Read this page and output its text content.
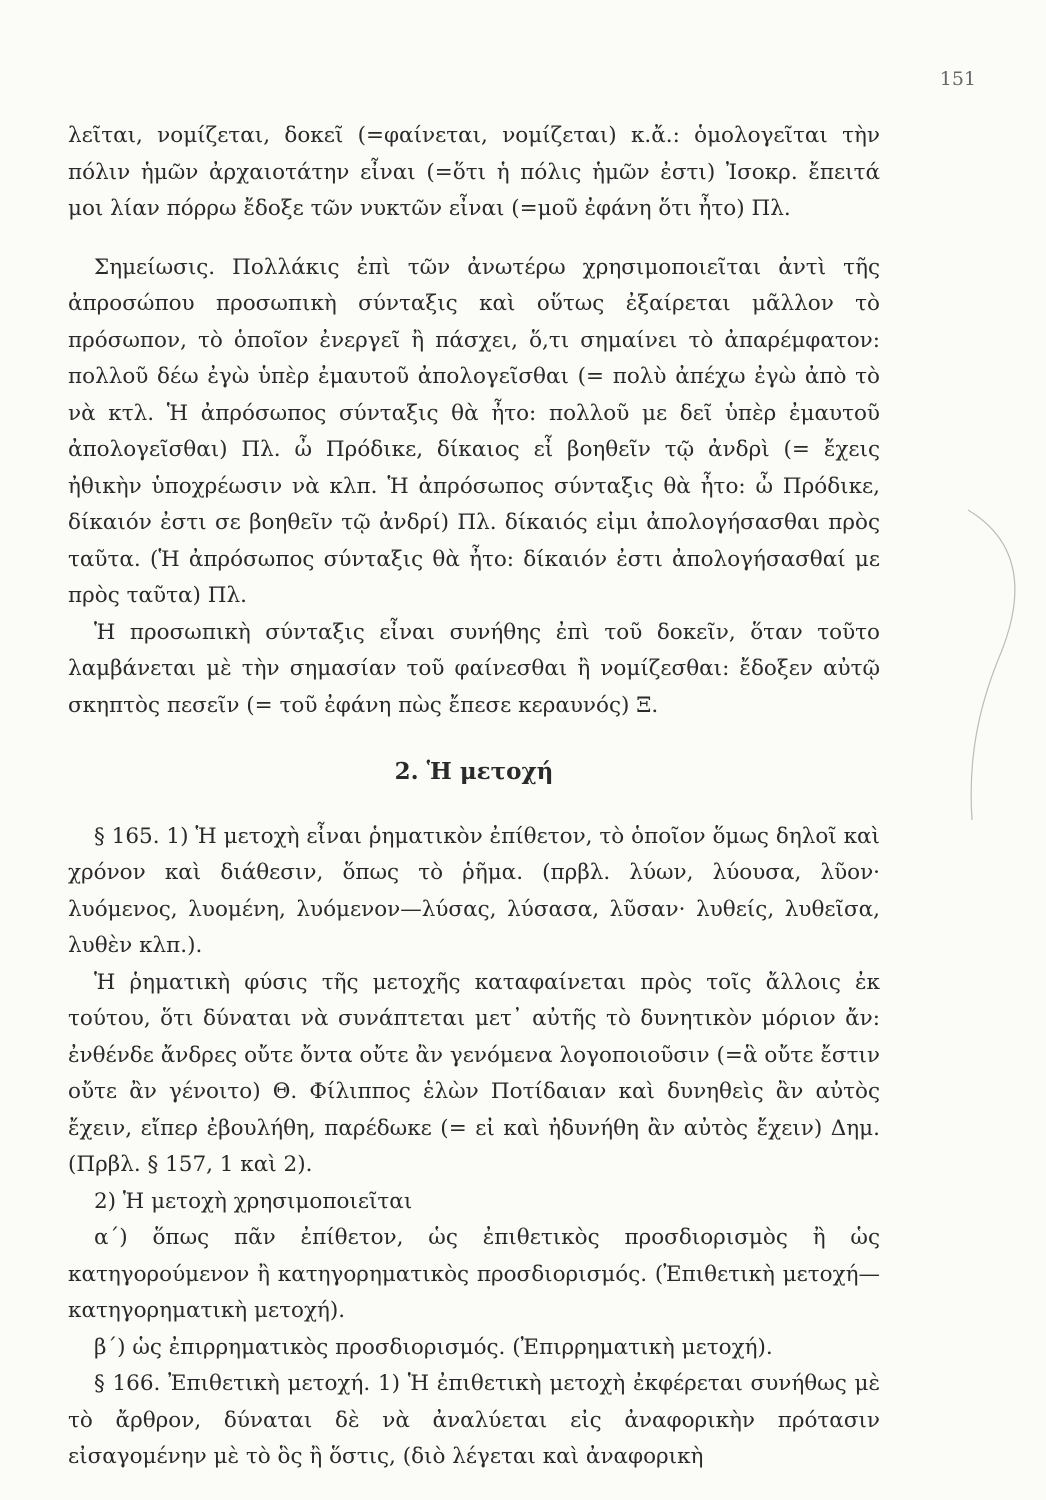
151

λεῖται, νομίζεται, δοκεῖ (=φαίνεται, νομίζεται) κ.ἄ.: ὁμολογεῖται τὴν πόλιν ἡμῶν ἀρχαιοτάτην εἶναι (=ὅτι ἡ πόλις ἡμῶν ἐστι) Ἰσοκρ. ἔπειτά μοι λίαν πόρρω ἔδοξε τῶν νυκτῶν εἶναι (=μοῦ ἐφάνη ὅτι ἦτο) Πλ.

Σημείωσις. Πολλάκις ἐπὶ τῶν ἀνωτέρω χρησιμοποιεῖται ἀντὶ τῆς ἀπροσώπου προσωπικὴ σύνταξις καὶ οὕτως ἐξαίρεται μᾶλλον τὸ πρόσωπον, τὸ ὁποῖον ἐνεργεῖ ἢ πάσχει, ὅ,τι σημαίνει τὸ ἀπαρέμφατον: πολλοῦ δέω ἐγὼ ὑπὲρ ἐμαυτοῦ ἀπολογεῖσθαι (= πολὺ ἀπέχω ἐγὼ ἀπὸ τὸ νὰ κτλ. Ἡ ἀπρόσωπος σύνταξις θὰ ἦτο: πολλοῦ με δεῖ ὑπὲρ ἐμαυτοῦ ἀπολογεῖσθαι) Πλ. ὦ Πρόδικε, δίκαιος εἶ βοηθεῖν τῷ ἀνδρὶ (= ἔχεις ἠθικὴν ὑποχρέωσιν νὰ κλπ. Ἡ ἀπρόσωπος σύνταξις θὰ ἦτο: ὦ Πρόδικε, δίκαιόν ἐστι σε βοηθεῖν τῷ ἀνδρί) Πλ. δίκαιός εἰμι ἀπολογήσασθαι πρὸς ταῦτα. (Ἡ ἀπρόσωπος σύνταξις θὰ ἦτο: δίκαιόν ἐστι ἀπολογήσασθαί με πρὸς ταῦτα) Πλ.

Ἡ προσωπικὴ σύνταξις εἶναι συνήθης ἐπὶ τοῦ δοκεῖν, ὅταν τοῦτο λαμβάνεται μὲ τὴν σημασίαν τοῦ φαίνεσθαι ἢ νομίζεσθαι: ἔδοξεν αὐτῷ σκηπτὸς πεσεῖν (= τοῦ ἐφάνη πὼς ἔπεσε κεραυνός) Ξ.

2. Ἡ μετοχή

§ 165. 1) Ἡ μετοχὴ εἶναι ῥηματικὸν ἐπίθετον, τὸ ὁποῖον ὅμως δηλοῖ καὶ χρόνον καὶ διάθεσιν, ὅπως τὸ ῥῆμα. (πρβλ. λύων, λύουσα, λῦον· λυόμενος, λυομένη, λυόμενον—λύσας, λύσασα, λῦσαν· λυθείς, λυθεῖσα, λυθὲν κλπ.).

Ἡ ῥηματικὴ φύσις τῆς μετοχῆς καταφαίνεται πρὸς τοῖς ἄλλοις ἐκ τούτου, ὅτι δύναται νὰ συνάπτεται μετ᾽ αὐτῆς τὸ δυνητικὸν μόριον ἄν: ἐνθένδε ἄνδρες οὔτε ὄντα οὔτε ἂν γενόμενα λογοποιοῦσιν (=ἃ οὔτε ἔστιν οὔτε ἂν γένοιτο) Θ. Φίλιππος ἑλὼν Ποτίδαιαν καὶ δυνηθεὶς ἂν αὐτὸς ἔχειν, εἴπερ ἐβουλήθη, παρέδωκε (= εἰ καὶ ἠδυνήθη ἂν αὐτὸς ἔχειν) Δημ. (Πρβλ. § 157, 1 καὶ 2).

2) Ἡ μετοχὴ χρησιμοποιεῖται

α΄) ὅπως πᾶν ἐπίθετον, ὡς ἐπιθετικὸς προσδιορισμὸς ἢ ὡς κατηγορούμενον ἢ κατηγορηματικὸς προσδιορισμός. (Ἐπιθετικὴ μετοχή—κατηγορηματικὴ μετοχή).

β΄) ὡς ἐπιρρηματικὸς προσδιορισμός. (Ἐπιρρηματικὴ μετοχή).

§ 166. Ἐπιθετικὴ μετοχή. 1) Ἡ ἐπιθετικὴ μετοχὴ ἐκφέρεται συνήθως μὲ τὸ ἄρθρον, δύναται δὲ νὰ ἀναλύεται εἰς ἀναφορικὴν πρότασιν εἰσαγομένην μὲ τὸ ὃς ἢ ὅστις, (διὸ λέγεται καὶ ἀναφορικὴ
